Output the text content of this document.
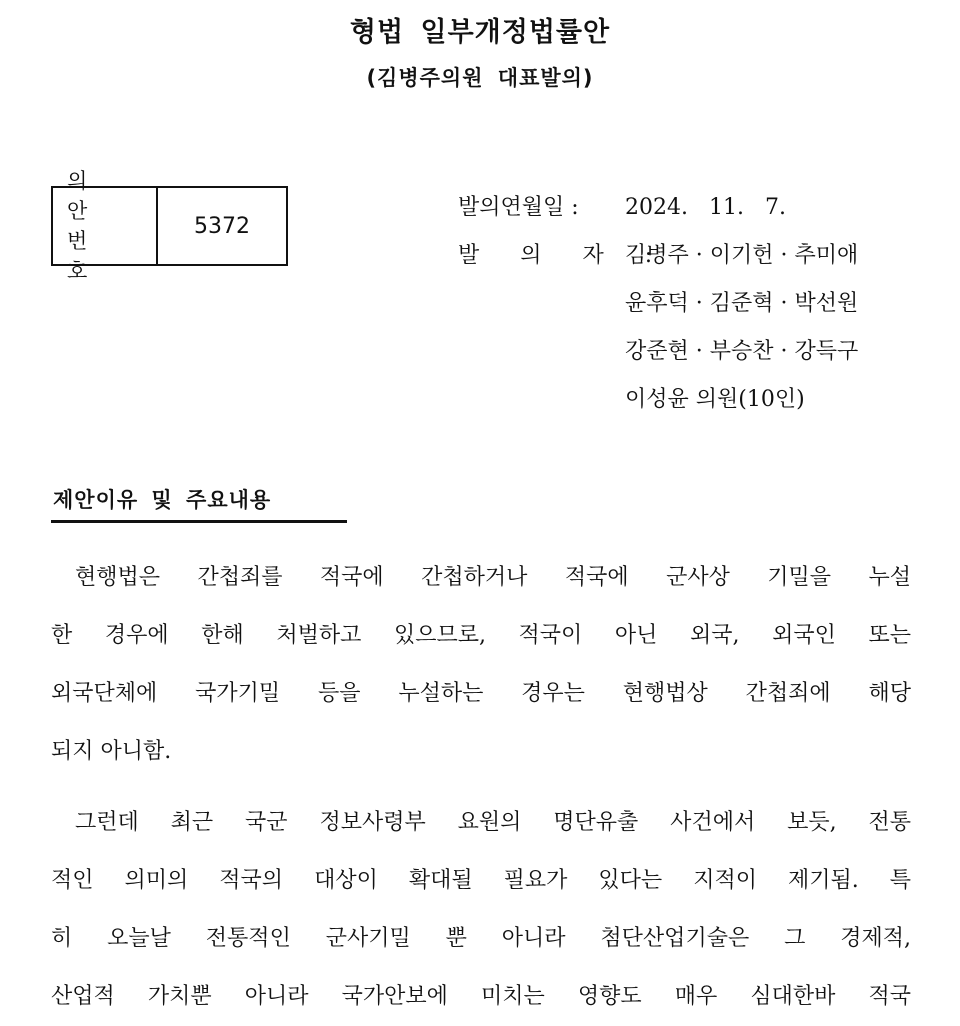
형법 일부개정법률안
(김병주의원 대표발의)
의 안
번 호
5372
발의연월일 :	2024. 11. 7.
발 의 자 :
김병주 · 이기헌 · 추미애
윤후덕 · 김준혁 · 박선원
강준현 · 부승찬 · 강득구
이성윤 의원(10인)
제안이유 및 주요내용
현행법은 간첩죄를 적국에 간첩하거나 적국에 군사상 기밀을 누설
한 경우에 한해 처벌하고 있으므로, 적국이 아닌 외국, 외국인 또는
외국단체에 국가기밀 등을 누설하는 경우는 현행법상 간첩죄에 해당
되지 아니함.
그런데 최근 국군 정보사령부 요원의 명단유출 사건에서 보듯, 전통
적인 의미의 적국의 대상이 확대될 필요가 있다는 지적이 제기됨. 특
히 오늘날 전통적인 군사기밀 뿐 아니라 첨단산업기술은 그 경제적,
산업적 가치뿐 아니라 국가안보에 미치는 영향도 매우 심대한바 적국
